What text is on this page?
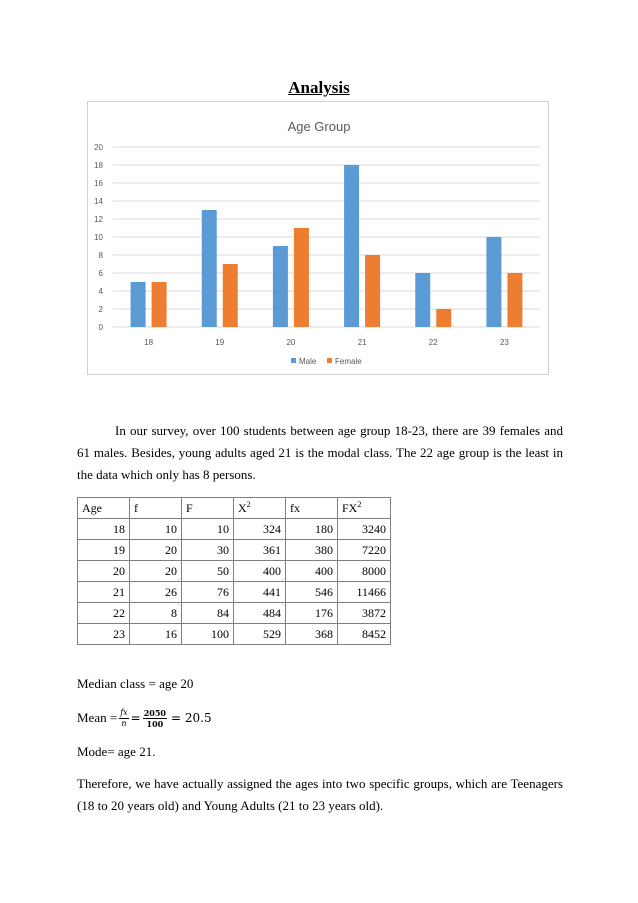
Analysis
Age Group
0
2
4
6
8
10
12
14
16
18
20
18	19	20	21	22	23
Male Female
In our survey, over 100 students between age group 18-23, there are 39 females and 61 males. Besides, young adults aged 21 is the modal class. The 22 age group is the least in the data which only has 8 persons.
Age	f	F	$X^2$	fx	$FX^2$
18	10	10	324	180	3240
19	20	30	361	380	7220
20	20	50	400	400	8000
21	26	76	441	546	11466
22	8	84	484	176	3872
23	16	100	529	368	8452
Median class = age 20
Mean = $\frac{fx}{n} = \frac{2050}{100} = 20.5$
Mode= age 21.
Therefore, we have actually assigned the ages into two specific groups, which are Teenagers (18 to 20 years old) and Young Adults (21 to 23 years old).
